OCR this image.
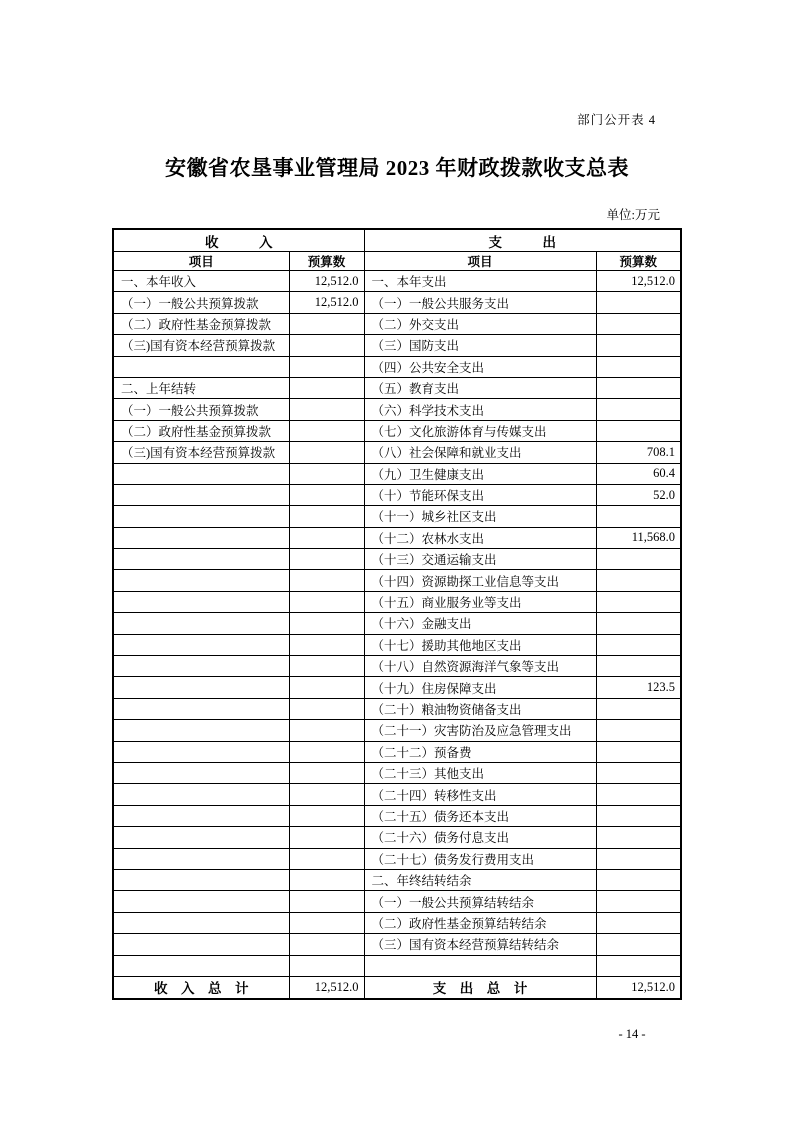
部门公开表 4
安徽省农垦事业管理局 2023 年财政拨款收支总表
单位:万元
收　　　入		支　　　出	
项目	预算数	项目	预算数
一、本年收入	12,512.0	一、本年支出	12,512.0
（一）一般公共预算拨款	12,512.0	（一）一般公共服务支出	
（二）政府性基金预算拨款		（二）外交支出	
（三)国有资本经营预算拨款		（三）国防支出	
		（四）公共安全支出	
二、上年结转		（五）教育支出	
（一）一般公共预算拨款		（六）科学技术支出	
（二）政府性基金预算拨款		（七）文化旅游体育与传媒支出	
（三)国有资本经营预算拨款		（八）社会保障和就业支出	708.1
		（九）卫生健康支出	60.4
		（十）节能环保支出	52.0
		（十一）城乡社区支出	
		（十二）农林水支出	11,568.0
		（十三）交通运输支出	
		（十四）资源勘探工业信息等支出	
		（十五）商业服务业等支出	
		（十六）金融支出	
		（十七）援助其他地区支出	
		（十八）自然资源海洋气象等支出	
		（十九）住房保障支出	123.5
		（二十）粮油物资储备支出	
		（二十一）灾害防治及应急管理支出	
		（二十二）预备费	
		（二十三）其他支出	
		（二十四）转移性支出	
		（二十五）债务还本支出	
		（二十六）债务付息支出	
		（二十七）债务发行费用支出	
		二、年终结转结余	
		（一）一般公共预算结转结余	
		（二）政府性基金预算结转结余	
		（三）国有资本经营预算结转结余	

收　入　总　计	12,512.0	支　出　总　计	12,512.0
- 14 -
